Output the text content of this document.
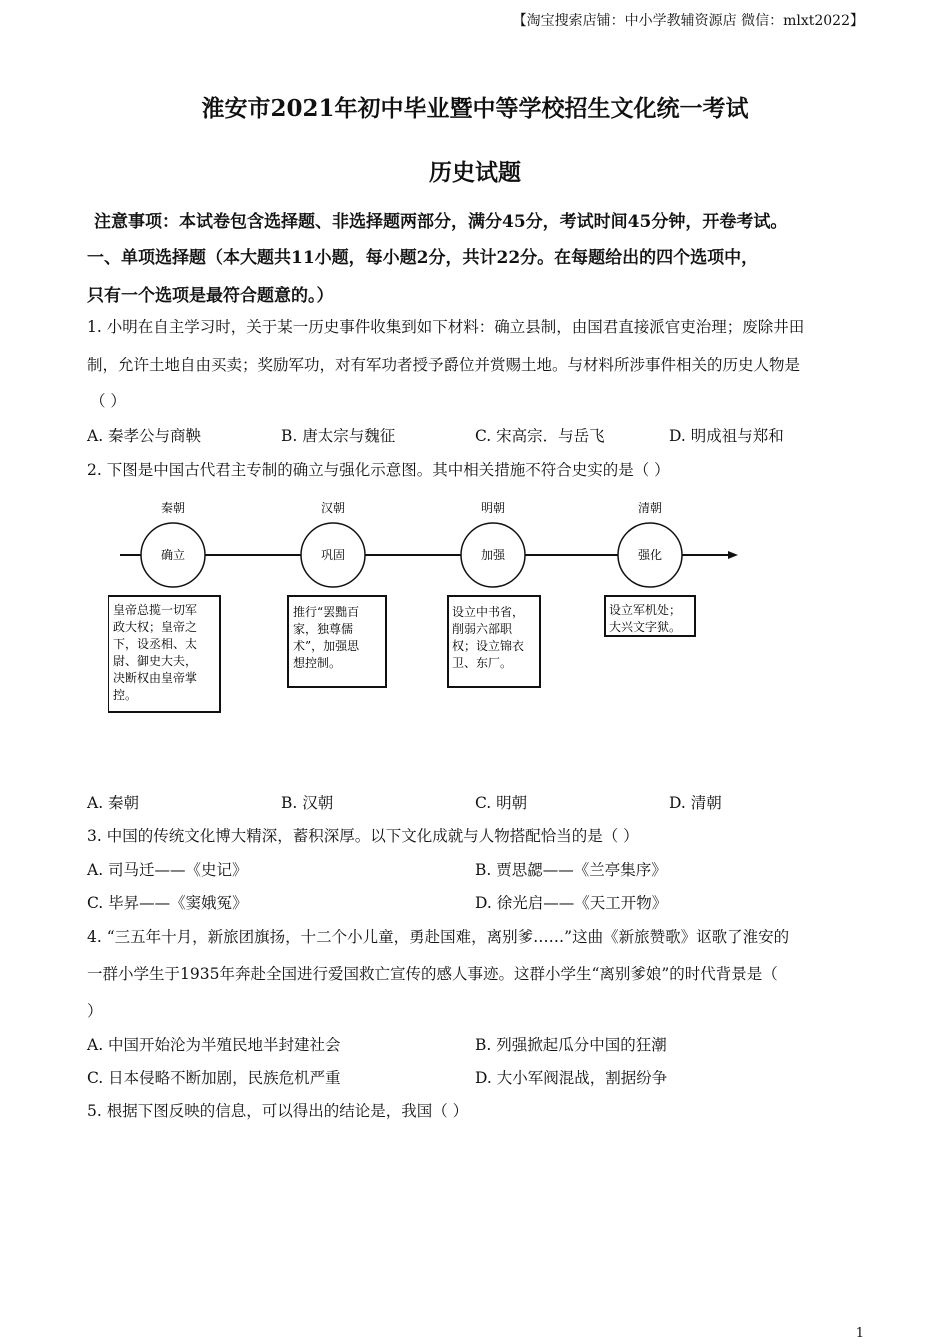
【淘宝搜索店铺：中小学教辅资源店 微信：mlxt2022】
淮安市2021年初中毕业暨中等学校招生文化统一考试
历史试题
注意事项：本试卷包含选择题、非选择题两部分，满分45分，考试时间45分钟，开卷考试。
一、单项选择题（本大题共11小题，每小题2分，共计22分。在每题给出的四个选项中，
只有一个选项是最符合题意的。）
1. 小明在自主学习时，关于某一历史事件收集到如下材料：确立县制，由国君直接派官吏治理；废除井田
制，允许土地自由买卖；奖励军功，对有军功者授予爵位并赏赐土地。与材料所涉事件相关的历史人物是
（ ）
A. 秦孝公与商鞅	B. 唐太宗与魏征	C. 宋高宗．与岳飞	D. 明成祖与郑和
2. 下图是中国古代君主专制的确立与强化示意图。其中相关措施不符合史实的是（ ）
秦朝	汉朝	明朝	清朝
确立	巩固	加强	强化
皇帝总揽一切军 政大权；皇帝之 下，设丞相、太 尉、御史大夫， 决断权由皇帝掌 控。
推行“罢黜百 家，独尊儒 术”，加强思 想控制。
设立中书省， 削弱六部职 权；设立锦衣 卫、东厂。
设立军机处； 大兴文字狱。
A. 秦朝	B. 汉朝	C. 明朝	D. 清朝
3. 中国的传统文化博大精深，蓄积深厚。以下文化成就与人物搭配恰当的是（ ）
A. 司马迁——《史记》	B. 贾思勰——《兰亭集序》
C. 毕昇——《窦娥冤》	D. 徐光启——《天工开物》
4. “三五年十月，新旅团旗扬，十二个小儿童，勇赴国难，离别爹……”这曲《新旅赞歌》讴歌了淮安的
一群小学生于1935年奔赴全国进行爱国救亡宣传的感人事迹。这群小学生“离别爹娘”的时代背景是（
）
A. 中国开始沦为半殖民地半封建社会	B. 列强掀起瓜分中国的狂潮
C. 日本侵略不断加剧，民族危机严重	D. 大小军阀混战，割据纷争
5. 根据下图反映的信息，可以得出的结论是，我国（ ）
1
